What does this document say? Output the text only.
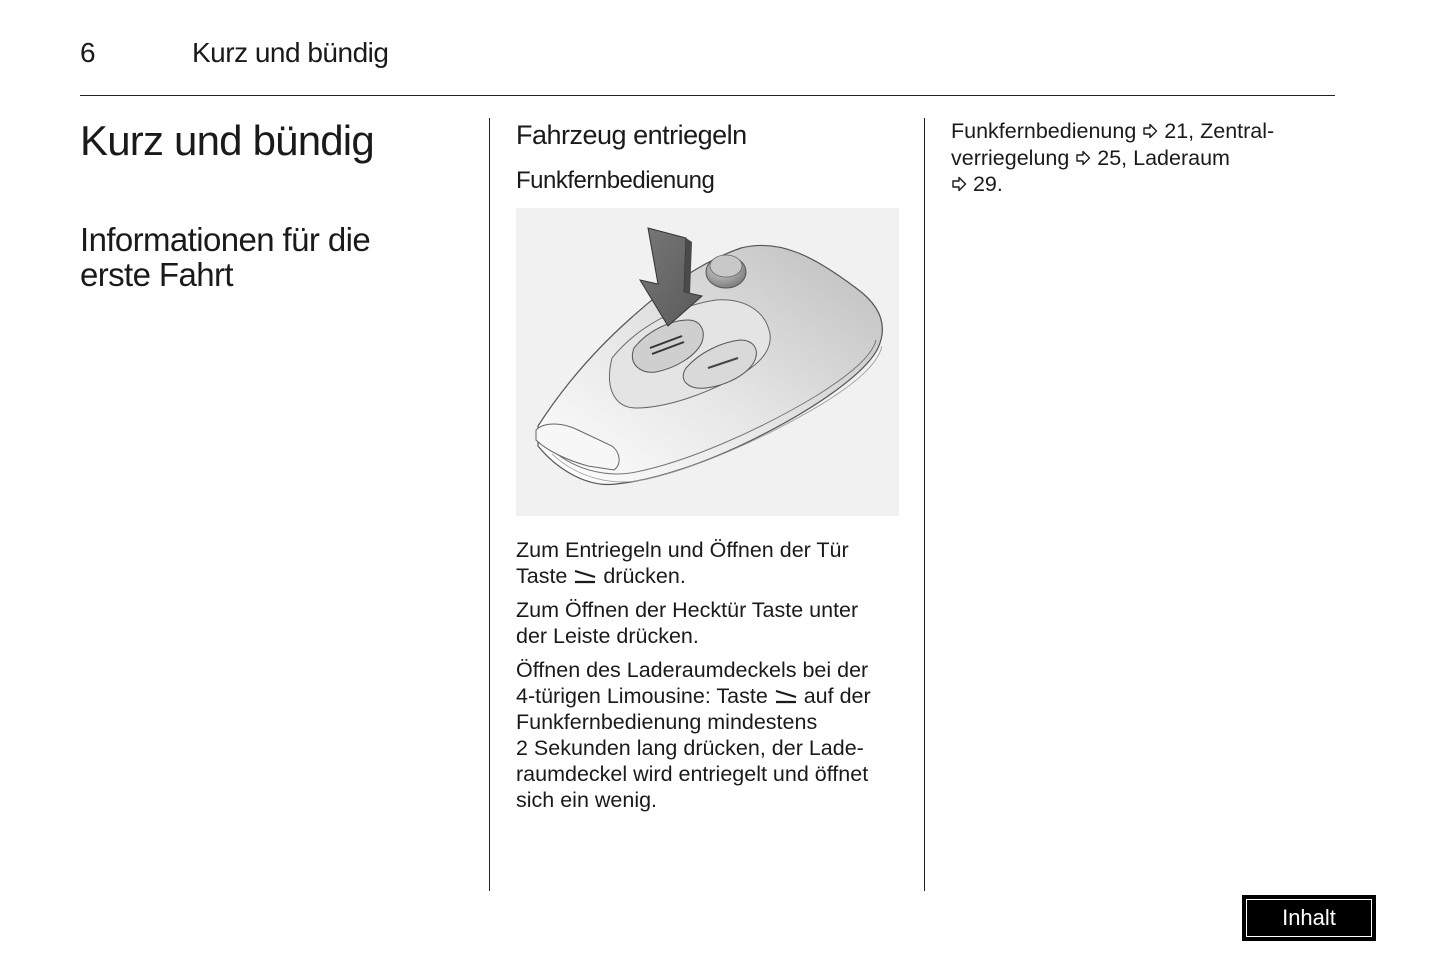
6	Kurz und bündig
Kurz und bündig
Informationen für die
erste Fahrt
Fahrzeug entriegeln
Funkfernbedienung

Zum Entriegeln und Öffnen der Tür
Taste  drücken.

Zum Öffnen der Hecktür Taste unter
der Leiste drücken.

Öffnen des Laderaumdeckels bei der
4-türigen Limousine: Taste  auf der
Funkfernbedienung mindestens
2 Sekunden lang drücken, der Lade-
raumdeckel wird entriegelt und öffnet
sich ein wenig.

Funkfernbedienung  21, Zentral-
verriegelung  25, Laderaum
29.
Inhalt
